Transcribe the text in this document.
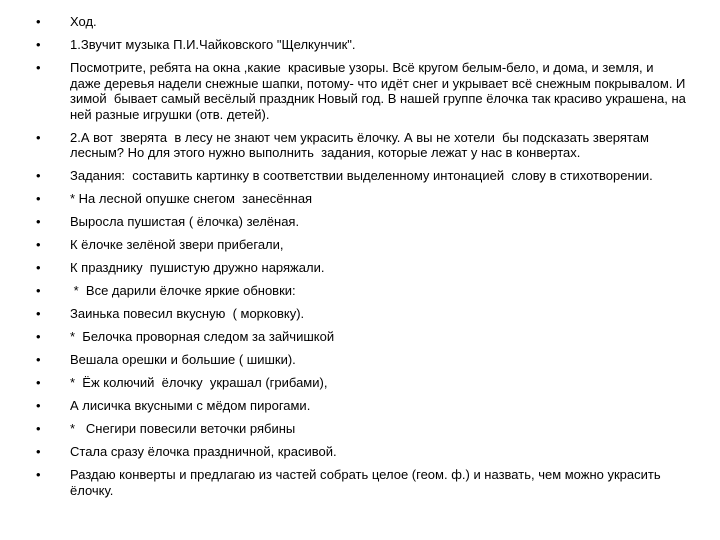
• Ход.
• 1.Звучит музыка П.И.Чайковского "Щелкунчик".
• Посмотрите, ребята на окна ,какие  красивые узоры. Всё кругом белым-бело, и дома, и земля, и даже деревья надели снежные шапки, потому- что идёт снег и укрывает всё снежным покрывалом. И зимой  бывает самый весёлый праздник Новый год. В нашей группе ёлочка так красиво украшена, на ней разные игрушки (отв. детей).
• 2.А вот  зверята  в лесу не знают чем украсить ёлочку. А вы не хотели  бы подсказать зверятам лесным? Но для этого нужно выполнить  задания, которые лежат у нас в конвертах.
• Задания:  составить картинку в соответствии выделенному интонацией  слову в стихотворении.
• * На лесной опушке снегом  занесённая
• Выросла пушистая ( ёлочка) зелёная.
• К ёлочке зелёной звери прибегали,
• К празднику  пушистую дружно наряжали.
• *  Все дарили ёлочке яркие обновки:
• Заинька повесил вкусную  ( морковку).
• *  Белочка проворная следом за зайчишкой
• Вешала орешки и большие ( шишки).
• *  Ёж колючий  ёлочку  украшал (грибами),
• А лисичка вкусными с мёдом пирогами.
• *   Снегири повесили веточки рябины
• Стала сразу ёлочка праздничной, красивой.
• Раздаю конверты и предлагаю из частей собрать целое (геом. ф.) и назвать, чем можно украсить ёлочку.
